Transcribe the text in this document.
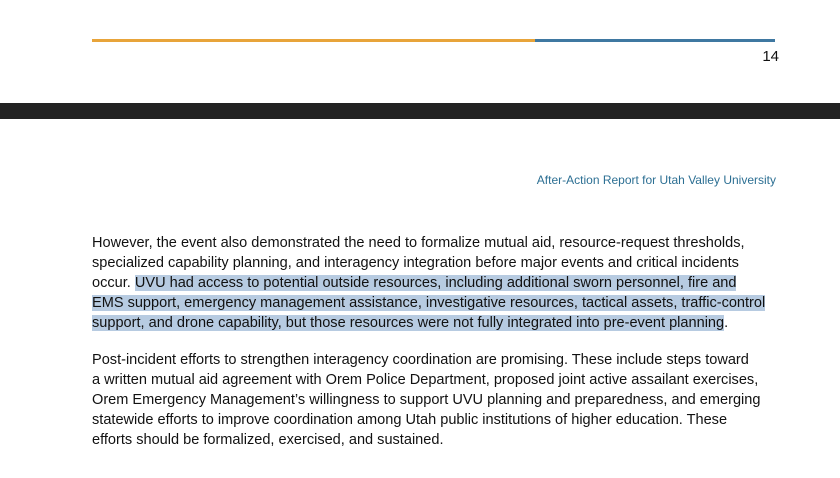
14
After-Action Report for Utah Valley University

However, the event also demonstrated the need to formalize mutual aid, resource-request thresholds,
specialized capability planning, and interagency integration before major events and critical incidents
occur. UVU had access to potential outside resources, including additional sworn personnel, fire and
EMS support, emergency management assistance, investigative resources, tactical assets, traffic-control
support, and drone capability, but those resources were not fully integrated into pre-event planning.

Post-incident efforts to strengthen interagency coordination are promising. These include steps toward
a written mutual aid agreement with Orem Police Department, proposed joint active assailant exercises,
Orem Emergency Management’s willingness to support UVU planning and preparedness, and emerging
statewide efforts to improve coordination among Utah public institutions of higher education. These
efforts should be formalized, exercised, and sustained.
